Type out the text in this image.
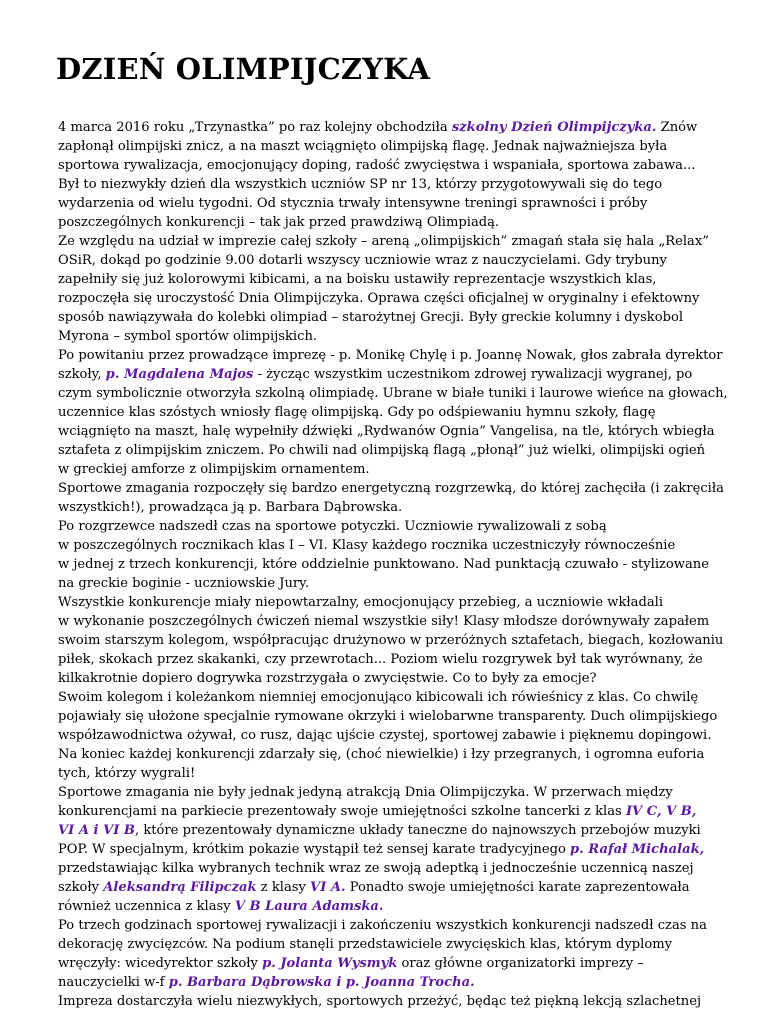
DZIEŃ OLIMPIJCZYKA
4 marca 2016 roku „Trzynastka” po raz kolejny obchodziła szkolny Dzień Olimpijczyka. Znów
zapłonął olimpijski znicz, a na maszt wciągnięto olimpijską flagę. Jednak najważniejsza była
sportowa rywalizacja, emocjonujący doping, radość zwycięstwa i wspaniała, sportowa zabawa...
Był to niezwykły dzień dla wszystkich uczniów SP nr 13, którzy przygotowywali się do tego
wydarzenia od wielu tygodni. Od stycznia trwały intensywne treningi sprawności i próby
poszczególnych konkurencji – tak jak przed prawdziwą Olimpiadą.
Ze względu na udział w imprezie całej szkoły – areną „olimpijskich” zmagań stała się hala „Relax”
OSiR, dokąd po godzinie 9.00 dotarli wszyscy uczniowie wraz z nauczycielami. Gdy trybuny
zapełniły się już kolorowymi kibicami, a na boisku ustawiły reprezentacje wszystkich klas,
rozpoczęła się uroczystość Dnia Olimpijczyka. Oprawa części oficjalnej w oryginalny i efektowny
sposób nawiązywała do kolebki olimpiad – starożytnej Grecji. Były greckie kolumny i dyskobol
Myrona – symbol sportów olimpijskich.
Po powitaniu przez prowadzące imprezę - p. Monikę Chylę i p. Joannę Nowak, głos zabrała dyrektor
szkoły, p. Magdalena Majos - życząc wszystkim uczestnikom zdrowej rywalizacji wygranej, po
czym symbolicznie otworzyła szkolną olimpiadę. Ubrane w białe tuniki i laurowe wieńce na głowach,
uczennice klas szóstych wniosły flagę olimpijską. Gdy po odśpiewaniu hymnu szkoły, flagę
wciągnięto na maszt, halę wypełniły dźwięki „Rydwanów Ognia” Vangelisa, na tle, których wbiegła
sztafeta z olimpijskim zniczem. Po chwili nad olimpijską flagą „płonął” już wielki, olimpijski ogień
w greckiej amforze z olimpijskim ornamentem.
Sportowe zmagania rozpoczęły się bardzo energetyczną rozgrzewką, do której zachęciła (i zakręciła
wszystkich!), prowadząca ją p. Barbara Dąbrowska.
Po rozgrzewce nadszedł czas na sportowe potyczki. Uczniowie rywalizowali z sobą
w poszczególnych rocznikach klas I – VI. Klasy każdego rocznika uczestniczyły równocześnie
w jednej z trzech konkurencji, które oddzielnie punktowano. Nad punktacją czuwało - stylizowane
na greckie boginie - uczniowskie Jury.
Wszystkie konkurencje miały niepowtarzalny, emocjonujący przebieg, a uczniowie wkładali
w wykonanie poszczególnych ćwiczeń niemal wszystkie siły! Klasy młodsze dorównywały zapałem
swoim starszym kolegom, współpracując drużynowo w przeróżnych sztafetach, biegach, kozłowaniu
piłek, skokach przez skakanki, czy przewrotach... Poziom wielu rozgrywek był tak wyrównany, że
kilkakrotnie dopiero dogrywka rozstrzygała o zwycięstwie. Co to były za emocje?
Swoim kolegom i koleżankom niemniej emocjonująco kibicowali ich rówieśnicy z klas. Co chwilę
pojawiały się ułożone specjalnie rymowane okrzyki i wielobarwne transparenty. Duch olimpijskiego
współzawodnictwa ożywał, co rusz, dając ujście czystej, sportowej zabawie i pięknemu dopingowi.
Na koniec każdej konkurencji zdarzały się, (choć niewielkie) i łzy przegranych, i ogromna euforia
tych, którzy wygrali!
Sportowe zmagania nie były jednak jedyną atrakcją Dnia Olimpijczyka. W przerwach między
konkurencjami na parkiecie prezentowały swoje umiejętności szkolne tancerki z klas IV C, V B,
VI A i VI B, które prezentowały dynamiczne układy taneczne do najnowszych przebojów muzyki
POP. W specjalnym, krótkim pokazie wystąpił też sensej karate tradycyjnego p. Rafał Michalak,
przedstawiając kilka wybranych technik wraz ze swoją adeptką i jednocześnie uczennicą naszej
szkoły Aleksandrą Filipczak z klasy VI A. Ponadto swoje umiejętności karate zaprezentowała
również uczennica z klasy V B Laura Adamska.
Po trzech godzinach sportowej rywalizacji i zakończeniu wszystkich konkurencji nadszedł czas na
dekorację zwycięzców. Na podium stanęli przedstawiciele zwycięskich klas, którym dyplomy
wręczyły: wicedyrektor szkoły p. Jolanta Wysmyk oraz główne organizatorki imprezy –
nauczycielki w-f p. Barbara Dąbrowska i p. Joanna Trocha.
Impreza dostarczyła wielu niezwykłych, sportowych przeżyć, będąc też piękną lekcją szlachetnej
